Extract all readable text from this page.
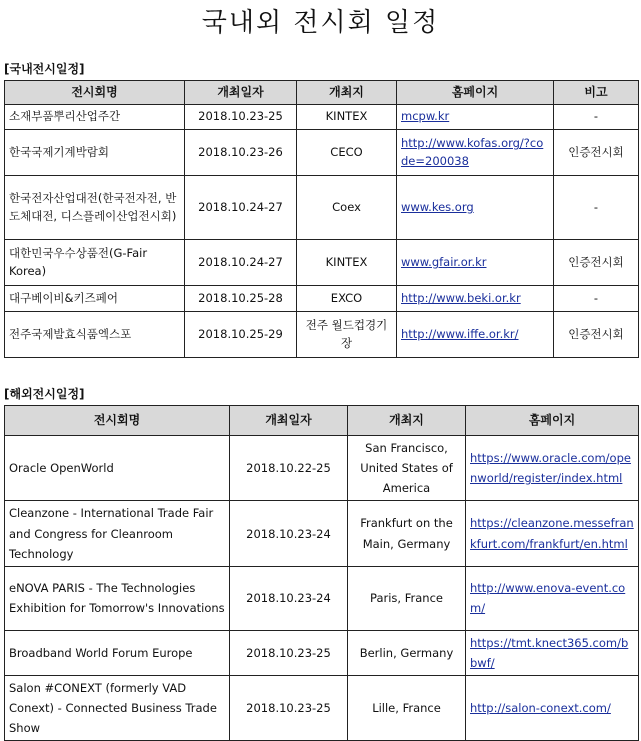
국내외 전시회 일정
[국내전시일정]
전시회명	개최일자	개최지	홈페이지	비고
소재부품뿌리산업주간	2018.10.23-25	KINTEX	mcpw.kr	-
한국국제기계박람회	2018.10.23-26	CECO	http://www.kofas.org/?code=200038	인증전시회
한국전자산업대전(한국전자전, 반도체대전, 디스플레이산업전시회)	2018.10.24-27	Coex	www.kes.org	-
대한민국우수상품전(G-Fair Korea)	2018.10.24-27	KINTEX	www.gfair.or.kr	인증전시회
대구베이비&키즈페어	2018.10.25-28	EXCO	http://www.beki.or.kr	-
전주국제발효식품엑스포	2018.10.25-29	전주 월드컵경기장	http://www.iffe.or.kr/	인증전시회
[해외전시일정]
전시회명	개최일자	개최지	홈페이지
Oracle OpenWorld	2018.10.22-25	San Francisco, United States of America	https://www.oracle.com/openworld/register/index.html
Cleanzone - International Trade Fair and Congress for Cleanroom Technology	2018.10.23-24	Frankfurt on the Main, Germany	https://cleanzone.messefrankfurt.com/frankfurt/en.html
eNOVA PARIS - The Technologies Exhibition for Tomorrow's Innovations	2018.10.23-24	Paris, France	http://www.enova-event.com/
Broadband World Forum Europe	2018.10.23-25	Berlin, Germany	https://tmt.knect365.com/bbwf/
Salon #CONEXT (formerly VAD Conext) - Connected Business Trade Show	2018.10.23-25	Lille, France	http://salon-conext.com/
